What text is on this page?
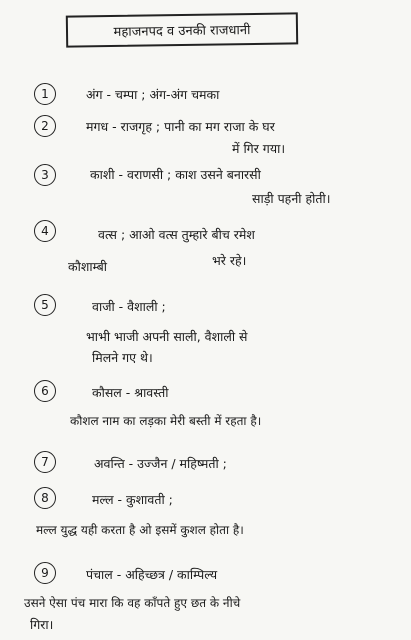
महाजनपद व उनकी राजधानी
1	अंग - चम्पा ; अंग-अंग चमका
2	मगध - राजगृह ; पानी का मग राजा के घर
में गिर गया।
3	काशी - वराणसी ; काश उसने बनारसी
साड़ी पहनी होती।
4	वत्स ; आओ वत्स तुम्हारे बीच रमेश
कौशाम्बी	भरे रहे।
5	वाजी - वैशाली ;
भाभी भाजी अपनी साली, वैशाली से
मिलने गए थे।
6	कौसल - श्रावस्ती
कौशल नाम का लड़का मेरी बस्ती में रहता है।
7	अवन्ति - उज्जैन / महिष्मती ;
8	मल्ल - कुशावती ;
मल्ल युद्ध यही करता है ओ इसमें कुशल होता है।
9	पंचाल - अहिच्छत्र / काम्पिल्य
उसने ऐसा पंच मारा कि वह काँपते हुए छत के नीचे
गिरा।
